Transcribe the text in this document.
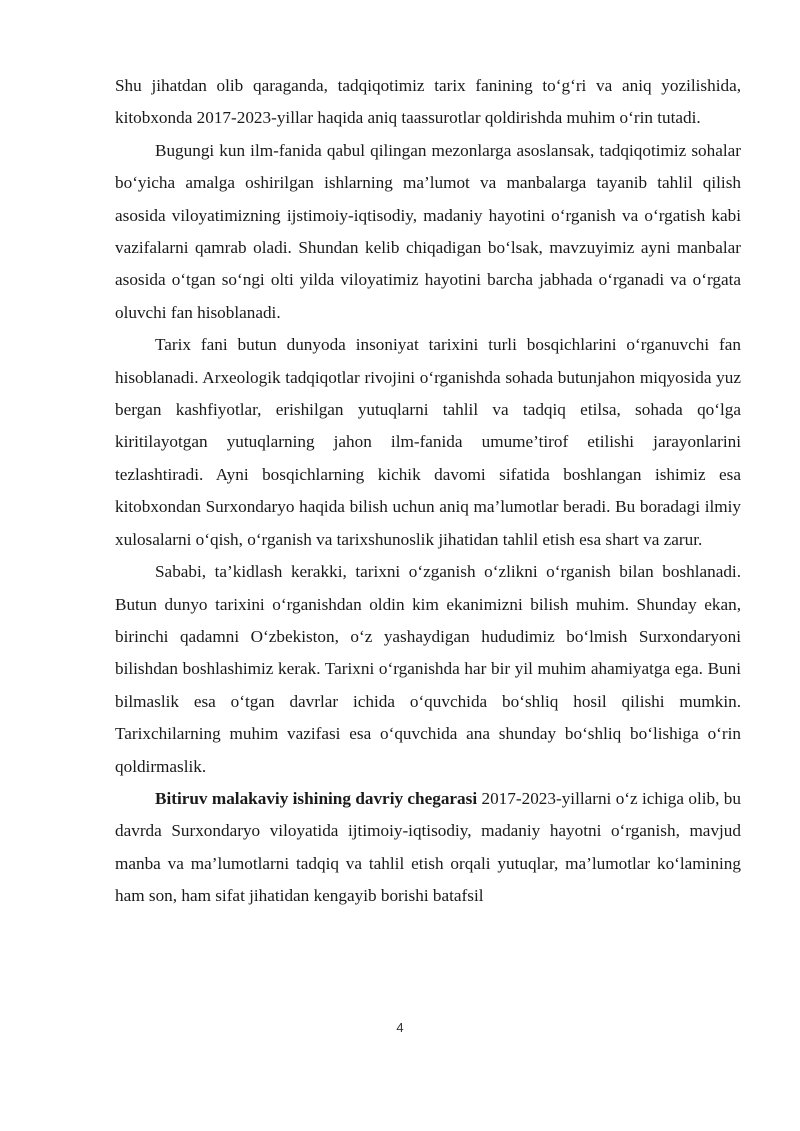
Shu jihatdan olib qaraganda, tadqiqotimiz tarix fanining to‘g‘ri va aniq yozilishida, kitobxonda 2017-2023-yillar haqida aniq taassurotlar qoldirishda muhim o‘rin tutadi.

Bugungi kun ilm-fanida qabul qilingan mezonlarga asoslansak, tadqiqotimiz sohalar bo‘yicha amalga oshirilgan ishlarning ma’lumot va manbalarga tayanib tahlil qilish asosida viloyatimizning ijstimoiy-iqtisodiy, madaniy hayotini o‘rganish va o‘rgatish kabi vazifalarni qamrab oladi. Shundan kelib chiqadigan bo‘lsak, mavzuyimiz ayni manbalar asosida o‘tgan so‘ngi olti yilda viloyatimiz hayotini barcha jabhada o‘rganadi va o‘rgata oluvchi fan hisoblanadi.

Tarix fani butun dunyoda insoniyat tarixini turli bosqichlarini o‘rganuvchi fan hisoblanadi. Arxeologik tadqiqotlar rivojini o‘rganishda sohada butunjahon miqyosida yuz bergan kashfiyotlar, erishilgan yutuqlarni tahlil va tadqiq etilsa, sohada qo‘lga kiritilayotgan yutuqlarning jahon ilm-fanida umume’tirof etilishi jarayonlarini tezlashtiradi. Ayni bosqichlarning kichik davomi sifatida boshlangan ishimiz esa kitobxondan Surxondaryo haqida bilish uchun aniq ma’lumotlar beradi. Bu boradagi ilmiy xulosalarni o‘qish, o‘rganish va tarixshunoslik jihatidan tahlil etish esa shart va zarur.

Sababi, ta’kidlash kerakki, tarixni o‘zganish o‘zlikni o‘rganish bilan boshlanadi. Butun dunyo tarixini o‘rganishdan oldin kim ekanimizni bilish muhim. Shunday ekan, birinchi qadamni O‘zbekiston, o‘z yashaydigan hududimiz bo‘lmish Surxondaryoni bilishdan boshlashimiz kerak. Tarixni o‘rganishda har bir yil muhim ahamiyatga ega. Buni bilmaslik esa o‘tgan davrlar ichida o‘quvchida bo‘shliq hosil qilishi mumkin. Tarixchilarning muhim vazifasi esa o‘quvchida ana shunday bo‘shliq bo‘lishiga o‘rin qoldirmaslik.

Bitiruv malakaviy ishining davriy chegarasi 2017-2023-yillarni o‘z ichiga olib, bu davrda Surxondaryo viloyatida ijtimoiy-iqtisodiy, madaniy hayotni o‘rganish, mavjud manba va ma’lumotlarni tadqiq va tahlil etish orqali yutuqlar, ma’lumotlar ko‘lamining ham son, ham sifat jihatidan kengayib borishi batafsil

4
